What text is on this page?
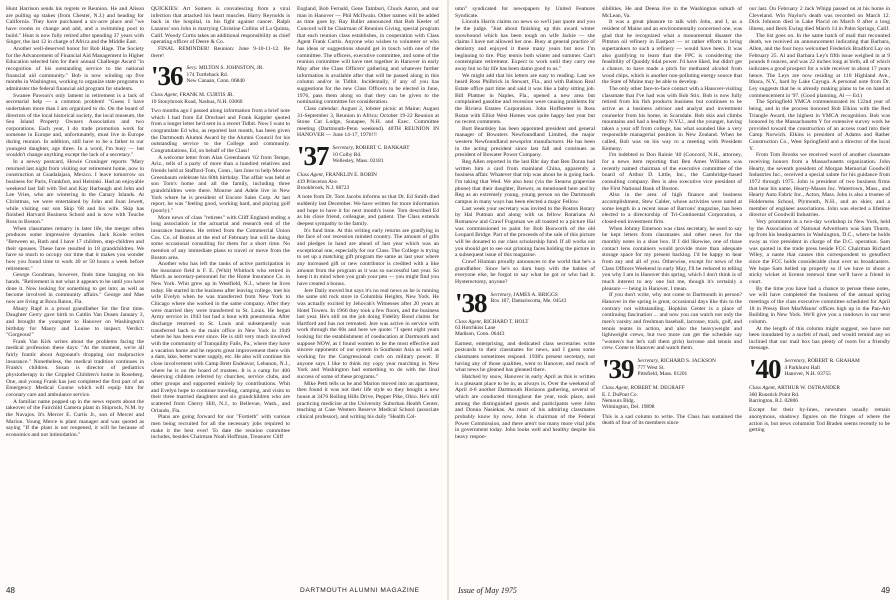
Hunt Harrison sends his regrets re Reunion. He and Alison are pulling up stakes (from Chester, N.J.) and heading for California. They have purchased a six-acre place and "we have rooms to change and add, and a swimming pool to build." Hunt is now fully retired after spending 37 years with Singer, the last 12 in charge of Africa and the Middle East.

Another well-deserved honor for Bob Hage. The Society for the Advancement of Financial Aid Management in Higher Education selected him for their annual Challenge Award "in recognition of his outstanding service to the national financial aid community." Bob is now winding up five months in Washington, working to organize state programs to administer the federal financial aid program for students.

Swanee Pawson's only lament in retirement is a lack of secretarial help — a common problem! "Guess I have undertaken more than I am organized to do. On the board of directors of the local historical society, the local museum, the Sea Island Property Owners Association and two corporations. Each year, I do trade promotion work for someone in Europe and, unfortunately, must live in Europe during reunion. In addition, still have to be a father to our youngest daughter, age three. In a word, I'm busy — but wouldn't change anything except the lack of a secretary."

In a newsy postcard, Howie Croninger reports "Mary returned last night from visiting our retirement home, now in construction at Guadalajara, Mexico. I leave tomorrow on business for Paris, Frankfurt, and Helsinki. Had an enjoyable weekend last fall with Ted and Kay Harbaugh and John and Lee Vries, who are wintering in the Canary Islands. At Christmas, we were entertained by John and Joan Jewett, while visiting our son Skip '68 and his wife. Skip has finished Harvard Business School and is now with Touche Ross in Boston."

When classmates remarry in later life, the merger often produces some impressive dynasties. Jack Koole writes "Between us, Ruth and I have 17 children, step-children and their spouses. These have resulted in 18 grandchildren. We have so much to occupy our time that it makes you wonder how you found time to work 40 or 50 hours a week before retirement."

George Goodman, however, finds time hanging on his hands. "Retirement is not what it appears to be until you have done it. Now looking for something to get into; as well as become involved in community affairs." George and Mae now are living at Boca Raton, Fla.

Maury Rapf is a proud grandfather for the first time. Daughter Gerry gave birth to Caitlin Van Dusen January 3, and brought the youngster to Hanover on Washington's birthday for Maury and Louise to inspect. Verdict: "Gorgeous!"

Frank Van Kirk writes about the problems facing the medical profession these days: "At the moment, we're all fairly frantic about Argonaut's dropping our malpractice insurance." Nonetheless, the medical tradition continues in Frank's children. Susan is director of pediatrics physiotherapy in the Crippled Children's home in Roseberg. One, and young Frank has just completed the first part of an Emergency Medical Course which will equip him for coronary care and ambulance service.

A familiar name popped up in the news reports about the takeover of the Fairchild Camera plant in Shiprock, N.M. by the Navajos. It's Mercer E. Curtis Jr., son of Mercer and Marion. Young Merce is plant manager and was quoted as saying "If the plant is not reopened, it will be because of economics and not intimidation."

QUICKIES: Art Somers is convalescing from a viral infection that attacked his heart muscles. Harry Reynolds is back in the hospital, in his fight against cancer. Ralph Lazarus' son John is marrying Christine Collins of La Quinta, Calif. Woody Curtis takes an additional responsibility as chief operating officer of Deere & Co.

FINAL REMINDER! Reunion: June 9-10-11-12. Be there!

'36 Secy. MILTON S. JOHNSTON, JR.
174 Turtleback Rd.
New Canaan, Conn. 06840
Class Agent, FRANK M. CURTIS JR.
10 Stonybrook Road, Nashua, N.H. 03060

Two months ago I passed along information from a brief note which I had from Ed Drechsel and Frank Kappler quoted from a longer letter he'd sent in a recent Tidbit. Now I want to congratulate Ed who, as reported last month, has been given the Dartmouth Alumni Award by the Alumni Council for his outstanding service to the College and community. Congratulations, Ed, on behalf of the Class!

A welcome letter from Alan Greenbaum '62 from Tempe, Ariz., tells of a party of more than a hundred relatives and friends held at Stafford-Tom, Conn., last June to help Monroe Greenbaum celebrate his 60th birthday. The affair was held at son Tom's home and all the family, including three grandchildren were there. Monroe and Adele live in New York where he is president of Encore Sales Corp. At last report, he was "feeling good, working hard, and playing golf (poorly)."

More news of class "retirees" with Cliff England ending a long association in the actuarial and research end of the insurance business. He retired from the Commercial Union Cos. Co. of Boston at the end of February but will be doing some occasional consulting for them for a short time. No mention of any immediate plans to travel or move from the Boston area.

Another who has left the ranks of active participation in the insurance field is F. E. (Whit) Whitlock who retired in March as secretary-personnel for the Home Insurance Co. in New York. Whit grew up in Westfield, N.J., where he lives today. He started in the business after leaving college, met his wife Evelyn when he was transferred from New York to Chicago where she worked in the same company. After they were married they were transferred to St. Louis. He began Army service in 1943 but had a bout with pneumonia. After discharge returned to St. Louis and subsequently was transferred back to the main office in New York in 1949 where he has been ever since. He is still very much involved with the community of Tranquility Falls, Pa., where they have a vacation home and he reports great improvement there with a dam, lake, better water supply, etc. He also will continue his close involvement with Camp Brett Endeavor, Lebanon, N.J., where he is on the board of trustees. It is a camp for 400 deserving children referred by churches, service clubs, and other groups and supported entirely by contributions. Whit and Evelyn hope to continue traveling, camping, and visits to their three married daughters and six grandchildren who are scattered from Cherry Hill, N.J., to Bellevue, Wash., and Orlando, Fla.

Plans are going forward for our "Fortieth" with various men being recruited for all the necessary jobs required to make it the best ever! To date the reunion committee includes, besides Chairman Noah Hoffman, Treasurer Cliff

England, Bob Fernald, Gene Tamburi, Chuck Aaron, and our man in Hanover — Phil McIlwain. Other names will be added as time goes by. Ray Buller announced that Bob Keeler of Concord will be Chairman of Reunion Giving, special program that each reunion class establishes, in cooperation with Class Agent Frank Curtis. Anyone who wishes to volunteer or who has ideas or suggestions should get in touch with one of the committee. The officers, executive committee, and some of the reunion committee will have met together in Hanover in early May after the Class Officers' gathering and whatever further information is available after that will be passed along in this column and/or in Tidbit. Incidentally, if any of you has suggestions for the new Class Officers to be elected in June, 1976, pass them along so that they can be given to the nominating committee for consideration.

Class calendar: August 2, lobster picnic at Maine; August 31-September 3, Reunion in Africa; October 19-22 Reunion at Stone Cut Lodge, Sunapee, N.H. and Exec. Committee meeting (Dartmouth-Penn weekend). 40TH REUNION IN HANOVER — June 14-17, 1976!!!

'37 Secretary, ROBERT C. BANKART
10 Colby Rd.
Wellesley, Mass. 02181
Class Agent, FRANKLIN E. ROBIN
419 Princeton Ave.
Brookbrook, N.J. 08723

A note from Dr. Tom Jacobs informs us that Dr. Ed Smith died suddenly last December. We have written for more information and hope to have it for next month's issue. Tom described Ed as his close friend, colleague, and patient. The Class extends deepest sympathy to the family.

It's fund time. At this writing early returns are gratifying in the face of our recession minded country. The amount of gifts and pledges in hand are ahead of last year which was an exceptional one, especially for our Class. The College is trying to set up a matching gift program the same as last year where any increased gift or new contributor is credited with a like amount from the program as it was so successful last year. So keep it in mind when you grab your pen — you might find you have created a bonus.

Jere Daily moved but says it's no real news as he is running the same old rock store in Columbia Heights, New York. He was actually excited by Jehovah's Witnesses after 20 years at Hotel Towers. In 1966 they took a few floors, and the business last year. He's still on the job doing Fidelity Bond claims for Hartford and has not retreated. Jere was active in service with work through the 60s and here we quote: "I spent eight years looking for the establishment of coeducation at Dartmouth and suppose NOW, as I found women to be the most effective and sincere opponents of our system in Southeast Asia as well as working for the Congressional curb on military power. If anyone says I like to think my copy year marching in New York and Washington had something to do with the final success of some of these programs."

Mike Petti tells us he and Marion moved into an apartment, then found it was not their life style so they bought a new house at 3476 Rolling Hills Drive, Pepper Pike, Ohio. He's still practicing medicine at the University Suburban Health Center, teaching at Case Western Reserve Medical School (associate clinical professor), and writing his daily "Health Col-

48	DARTMOUTH ALUMNI MAGAZINE

umn" syndicated for newspapers by United Features Syndicate.

Lincoln Harris claims no news so we'll just quote and you be the judge. "Just about finishing up this award winter snowbound which has been tough on wife Jackie — she claims I have not allowed her one. Busy at general practice of dentistry and enjoyed it these many years but now I'm beginning to tire. Play tennis both winter and summer. Can't contemplate retirement. Expect to work until they carry me away but so far life has been damn good to us."

We might add that his letters are easy to reading. Last we heard Ross Philbrick in Stewart, Fla., and with Babson Real Estate office part time and said it was like a baby sitting job. Bill Plattner in Naples, Fla., opened a new area but complained gasoline and recession were causing problems for the Riviera Estates Corporation. John Hoffstetter is Ross Rotan with Elliot West Homes was quite happy last year but no recent comments.

Burt Beardsley has been appointed president and general manager of Bowaters Newfoundland Limited, the major western Newfoundland newsprint manufacturer. He has been in the acting president since last fall and continues as president of Bowater Power Company.

Reg Allen reported in the last Rhr day that Ben Doran had written him a card from mainland China, apparently a business affair. Whatever that trip was about he is going back. I'm taking that Wed. We also hear (via the Stearns grapevine phone) that their daughter, Brewer, as mentioned here and by Reg as an extremely young, young person on the Dartmouth campus in many ways has been elected a major Fellow.

Last week your secretary was invited to the Boston Rotary by Hal Putman and along with us fellow Rotarians Al Romanow and Crawf Fugsman we all toasted to a picture Hal was commissioned to paint for Bob Bosworth of the old Leopard Bridge. Part of the proceeds of the sale of this picture will be donated to our class scholarship fund. If all works out you should get to see our grinning faces holding the picture in a subsequent issue of this magazine.

Crawf Hinman proudly announces to the world that he's a grandfather. Since he's so darn busy with the babies of everyone else, he forgot to say what he got or who had it. Hysterectomy, anyone?

'38 Secretary, JAMES A. BRIGGS
Box 187, Damariscotta, Me. 04543
Class Agent, RICHARD T. HOLT
63 Hotchkiss Lane
Madison, Conn. 06443

Earnest, enterprising, and dedicated class secretaries write postcards to their classmates for news, and I guess some classmates sometimes respond. 1938's present secretary, not having any of those qualities, went to Hanover, and much of what news he gleaned has gleaned there.

Hatched by snow, Hanover in early April as this is written is a pleasant place to be in, as always is. Over the weekend of April 4-6 another Dartmouth Horizons gathering, several of which are conducted throughout the year, took place, and among the distinguished guests and participants were John and Donna Nasiekas. As most of his admiring classmates probably know by now, John is chairman of the Federal Power Commission, and there aren't too many more vital jobs in government today. John looks well and healthy despite his heavy respon-

sibilities. He and Deena live in the Washington suburb of McLean, Va.

It was a great pleasure to talk with John, and I, as a resident of Maine and an environmentally concerned one, was glad that he recognized what a monumental disaster the Pittston oil refinery in Eastport — or rather efforts to bring supertankers to such a refinery — would have been. It was also gratifying to learn that the FPC is considering the feasibility of Quoddy tidal power. I'd have liked, but didn't get a chance, to have made a pitch for methanol alcohol from wood chips, which is another non-polluting energy source that the State of Maine may be able to develop.

The only other face-to-face contact with a Hanover-visiting classmate that I've had was with Bob Stix. Bob is now fully retired from his fish products business but continues to be active as a business advisor and analyst and investment counselor from his home, in Scarsdale. Bob skis and climbs mountains and had a healthy N.Y.U., and the younger, having taken a year off from college, has what sounded like a very responsible managerial position in New Zealand. When he called, Bob was on his way to a meeting with President Kemeny.

I'm indebted to Don Rainie '40 (Concord, N.H., attorney, for a news item reporting that Ben Ames Williams was recently named chairman of the executive committee of the board of Arthur D. Little, Inc., the Cambridge-based consulting company. Ben is also executive vice president of the First National Bank of Boston.

Also in the area of high finance and business accomplishment, Stew Calder, whose activities were noted at some length in a recent issue of Barrons' magazine, has been elected to a directorship of Tri-Continental Corporation, a closed-end investment firm.

When Johnny Emerson was class secretary, he used to say he kept letters from classmates and other news for the monthly notes in a shoe box. If I did likewise, one of those contact lens containers would provide more than adequate storage space for my present backlog. I'd be happy to hear from any and all of you. Otherwise, except for news of the Class Officers Weekend in early May, I'll be reduced to telling you why I am in Hanover this spring, which I don't think is of much interest to any one but me, though it's certainly a pleasure — being in Hanover, I mean.

If you don't write, why not come to Dartmouth in person? Hanover in the spring is great, occasional days like this to the contrary not withstanding. Hopkins Center is a place of continuing fascination ... and now you can watch not only the men's varsity and freshman baseball, lacrosse, track, golf, and tennis teams in action, and also the heavyweight and lightweight crews, but two more can get the schedule say "women's but let's call them girls) lacrosse and tennis and crew. Come to Hanover and watch them.

'39 Secretary, RICHARD S. JACKSON
777 West St.
Pittsfield, Mass. 01201
Class Agent, ROBERT M. DEGRAFF
E. I. DuPont Co.
Nemours Bldg.
Wilmington, Del. 19898

This is a sad column to write. The Class has sustained the death of four of its members since

our last. On February 2 Jack Whipp passed on at his home in Cleveland. Win Naylor's death was recorded on March 12. Dick Johnson died in Lake Placid on March 8 after a long illness, and Beck Ewing died March 14 in Palm Springs, Calif.

The list goes on. In the same batch of mail that recounted death, we received an announcement indicating that Barbara, Allen, and the four boys welcomed Frederick Bradford Lay on February 25. Al and Barbara Ley's fifth issue weighed in at 9 pounds 8 ounces, and was 22 inches long at birth, all of which indicates a good prospect for a wide receiver in about 17 years hence. The Leys are now residing at 110 Highland Ave., Ithaca, N.Y., hard by Lake Cayuga. A personal note from Dr. Ley suggests that he is already making plans to be on hand at commencement in '97. (Good planning, Al — Ed.)

The Springfield YMCA commemorated its 122nd year of being, and in the process honored Bob Elkins with the Red Triangle Award, the highest in YMCA recognition. Bob was honored by the Massachusetts Y for extensive survey work he provided toward the construction of an access road into their Camp Norwich. Elkins is president of Adams and Rather Construction Co., West Springfield and a director of the local Y.

From Tom Brooks we received word of another classmate receiving honors from a Massachusetts organization. John Hearty, the seventh president of Morgan Memorial Goodwill Industries Inc., received a special salute for his guidance from 1972 through 1975. John is president of two business firms that bear his name, Hearty-Mason Inc. Watertown, Mass., and Hearty Auto Fabric Inc., Acton, Mass. John is also a trustee of Holderness School, Plymouth, N.H., and an skier, and a member of engineer associations. John was elected a lifetime director of Goodwill Industries.

Very prominent in a two-day workshop in New York, held by the Association of National Advertisers was Sam Thurm, up from his headquarters in Washington, D.C., where he holds sway as vice president in charge of the D.C. operation. Sam was quoted in the trade press beside FCC Chairman Richard Wiley, a name that causes this correspondent to genuflect since the FCC holds considerable clout over us broadcasters. We hope Sam helled up properly so if we have to shoot a sticky wicket at license renewal time we'll have a friend in court.

By the time you have had a chance to peruse these notes, we will have completed the business of the annual spring meetings of the class executive committee scheduled for April 18 in Pressy Bret MacManns' offices high up in the Pan-Am Building in New York. We'll give you a rundown in our next column.

At the length of this column might suggest, we have not been inundated by a surfeit of mail, and would remind any so inclined that our mail box has plenty of room for a friendly message.

'40 Secretary, ROBERT R. GRAHAM
4 Parkhurst Hall
Hanover, N.H. 03755
Class Agent, ARTHUR W. OSTRANDER
360 Runstick Point Rd.
Barrington, R.I. 02806

Except for their by-lines, newsmen usually remain anonymous, shadowy figures on the fringes of where the action is, but news columnist Tod Braden seems recently to be getting

Issue of May 1975	49
